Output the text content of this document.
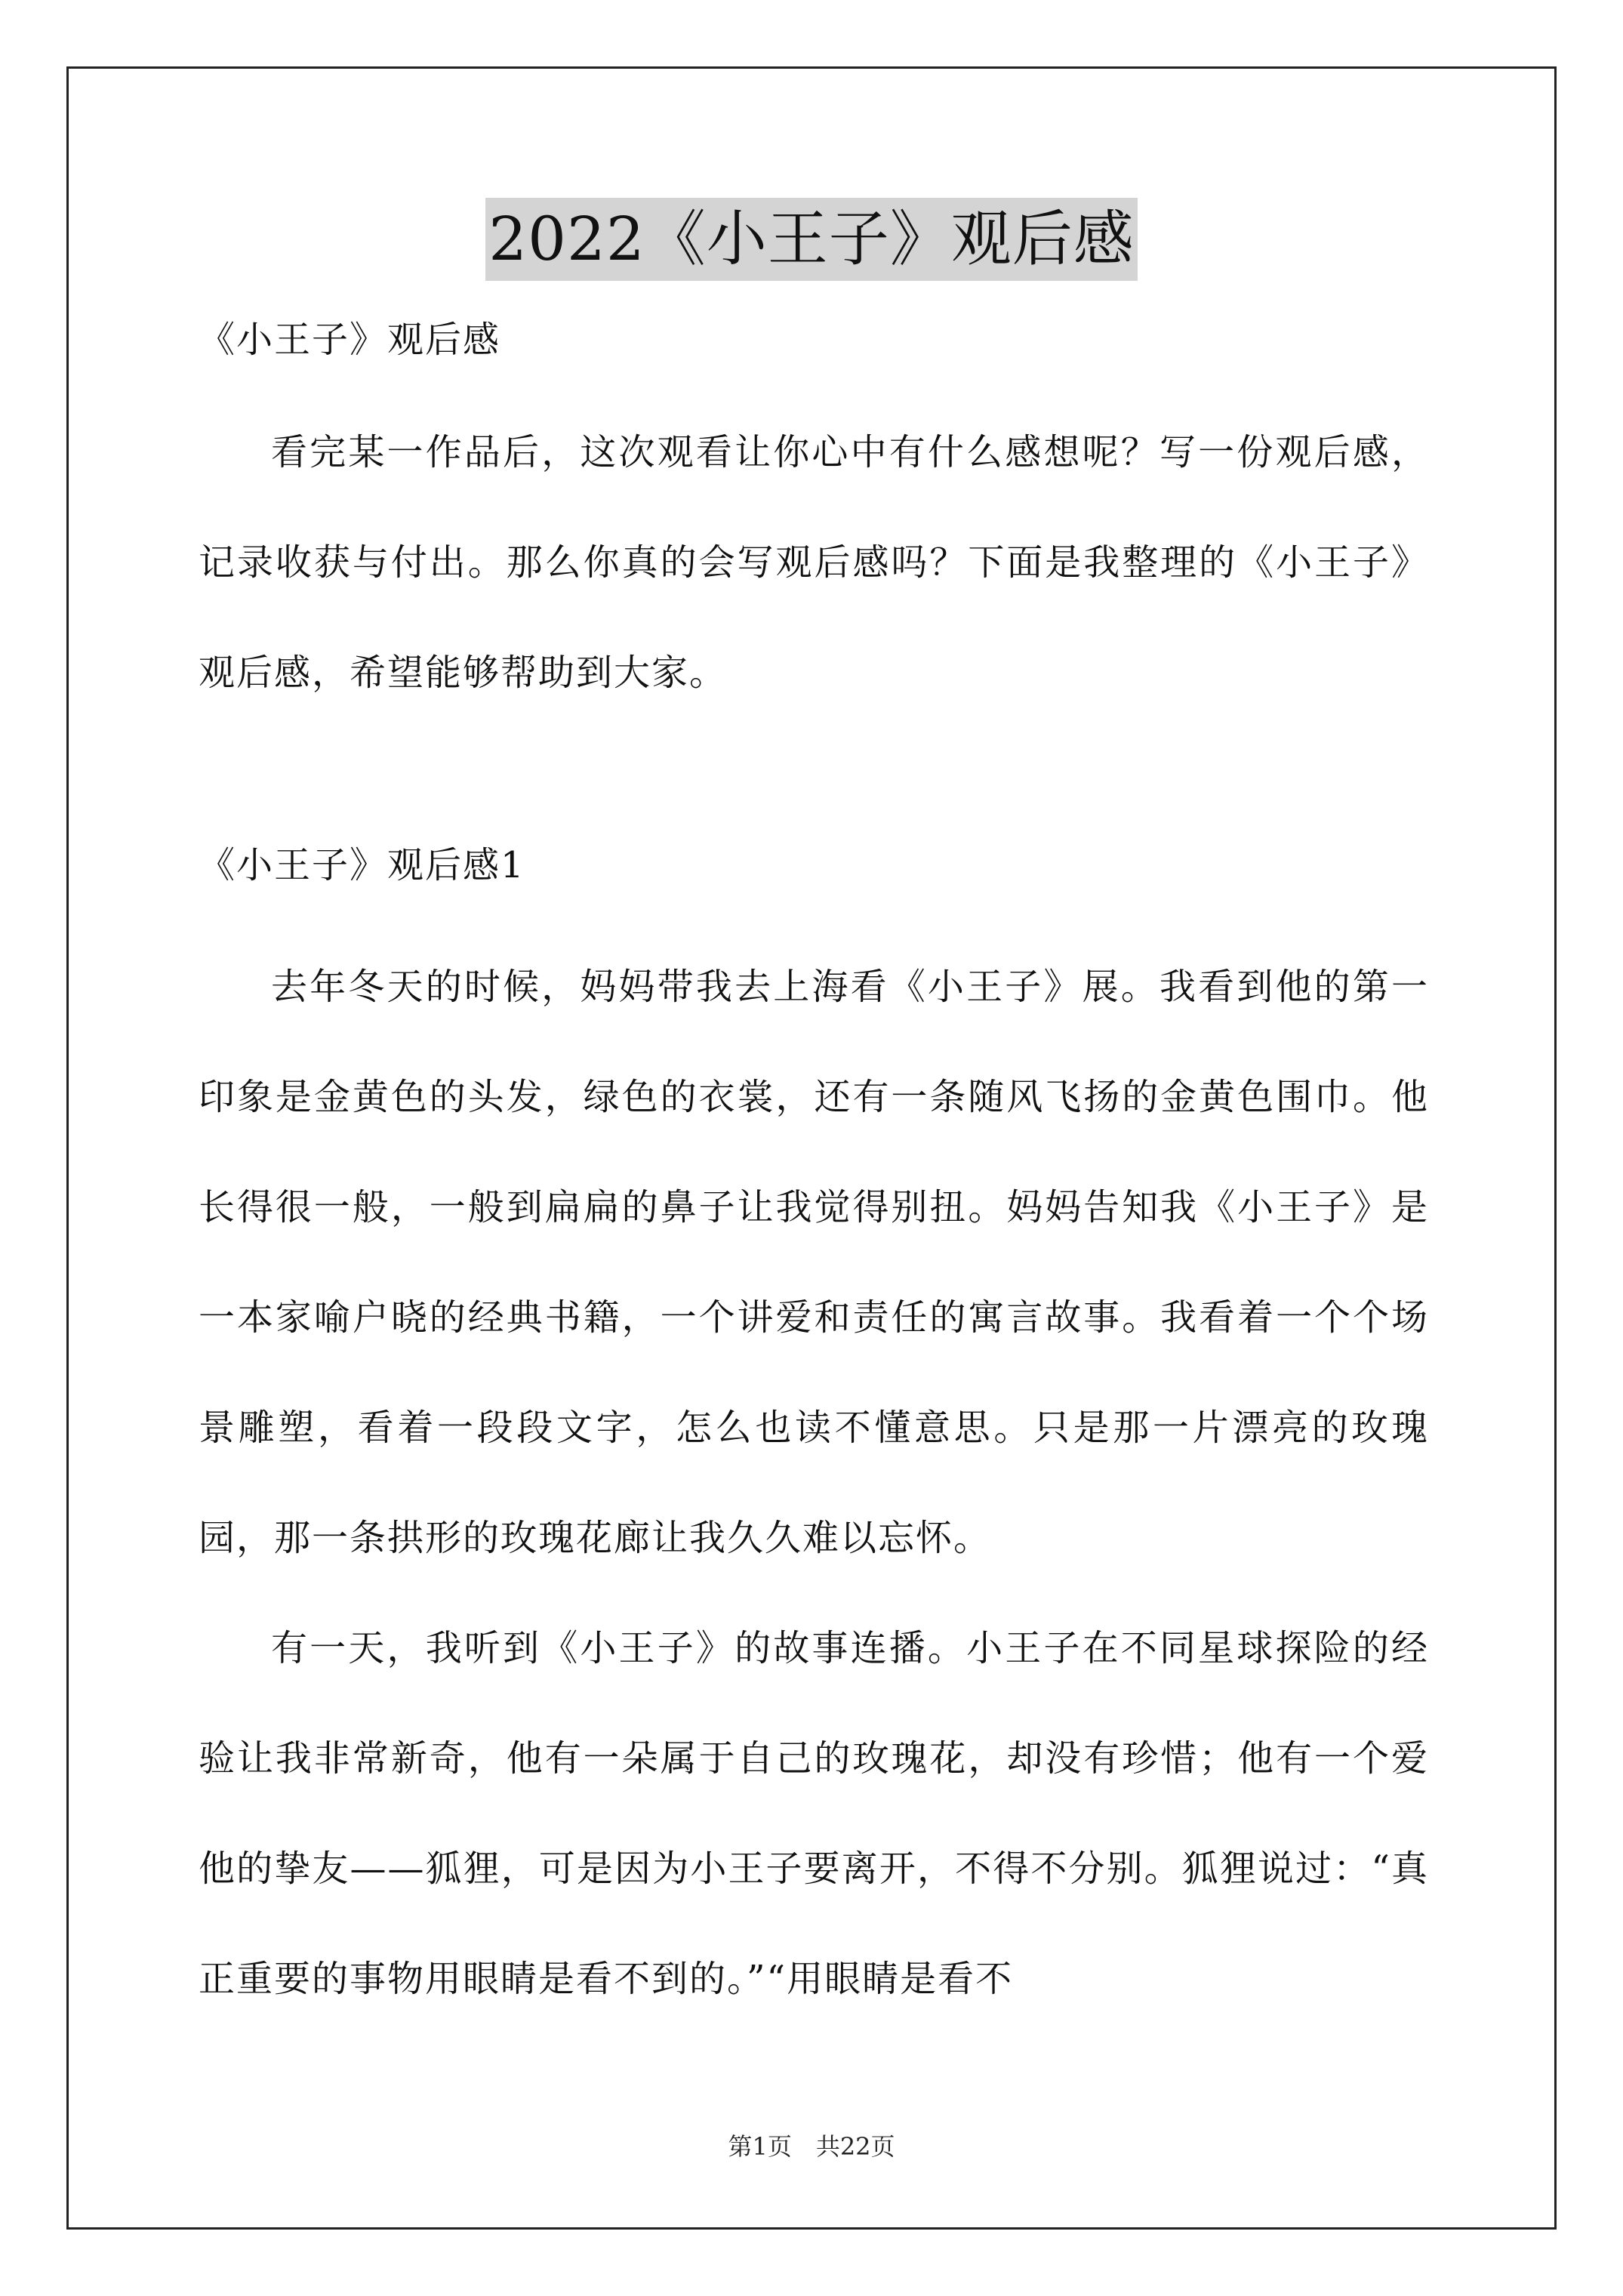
2022《小王子》观后感

《小王子》观后感

看完某一作品后，这次观看让你心中有什么感想呢？写一份观后感，记录收获与付出。那么你真的会写观后感吗？下面是我整理的《小王子》观后感，希望能够帮助到大家。

《小王子》观后感1

去年冬天的时候，妈妈带我去上海看《小王子》展。我看到他的第一印象是金黄色的头发，绿色的衣裳，还有一条随风飞扬的金黄色围巾。他长得很一般，一般到扁扁的鼻子让我觉得别扭。妈妈告知我《小王子》是一本家喻户晓的经典书籍，一个讲爱和责任的寓言故事。我看着一个个场景雕塑，看着一段段文字，怎么也读不懂意思。只是那一片漂亮的玫瑰园，那一条拱形的玫瑰花廊让我久久难以忘怀。

有一天，我听到《小王子》的故事连播。小王子在不同星球探险的经验让我非常新奇，他有一朵属于自己的玫瑰花，却没有珍惜；他有一个爱他的挚友——狐狸，可是因为小王子要离开，不得不分别。狐狸说过：“真正重要的事物用眼睛是看不到的。”“用眼睛是看不

第1页　共22页
